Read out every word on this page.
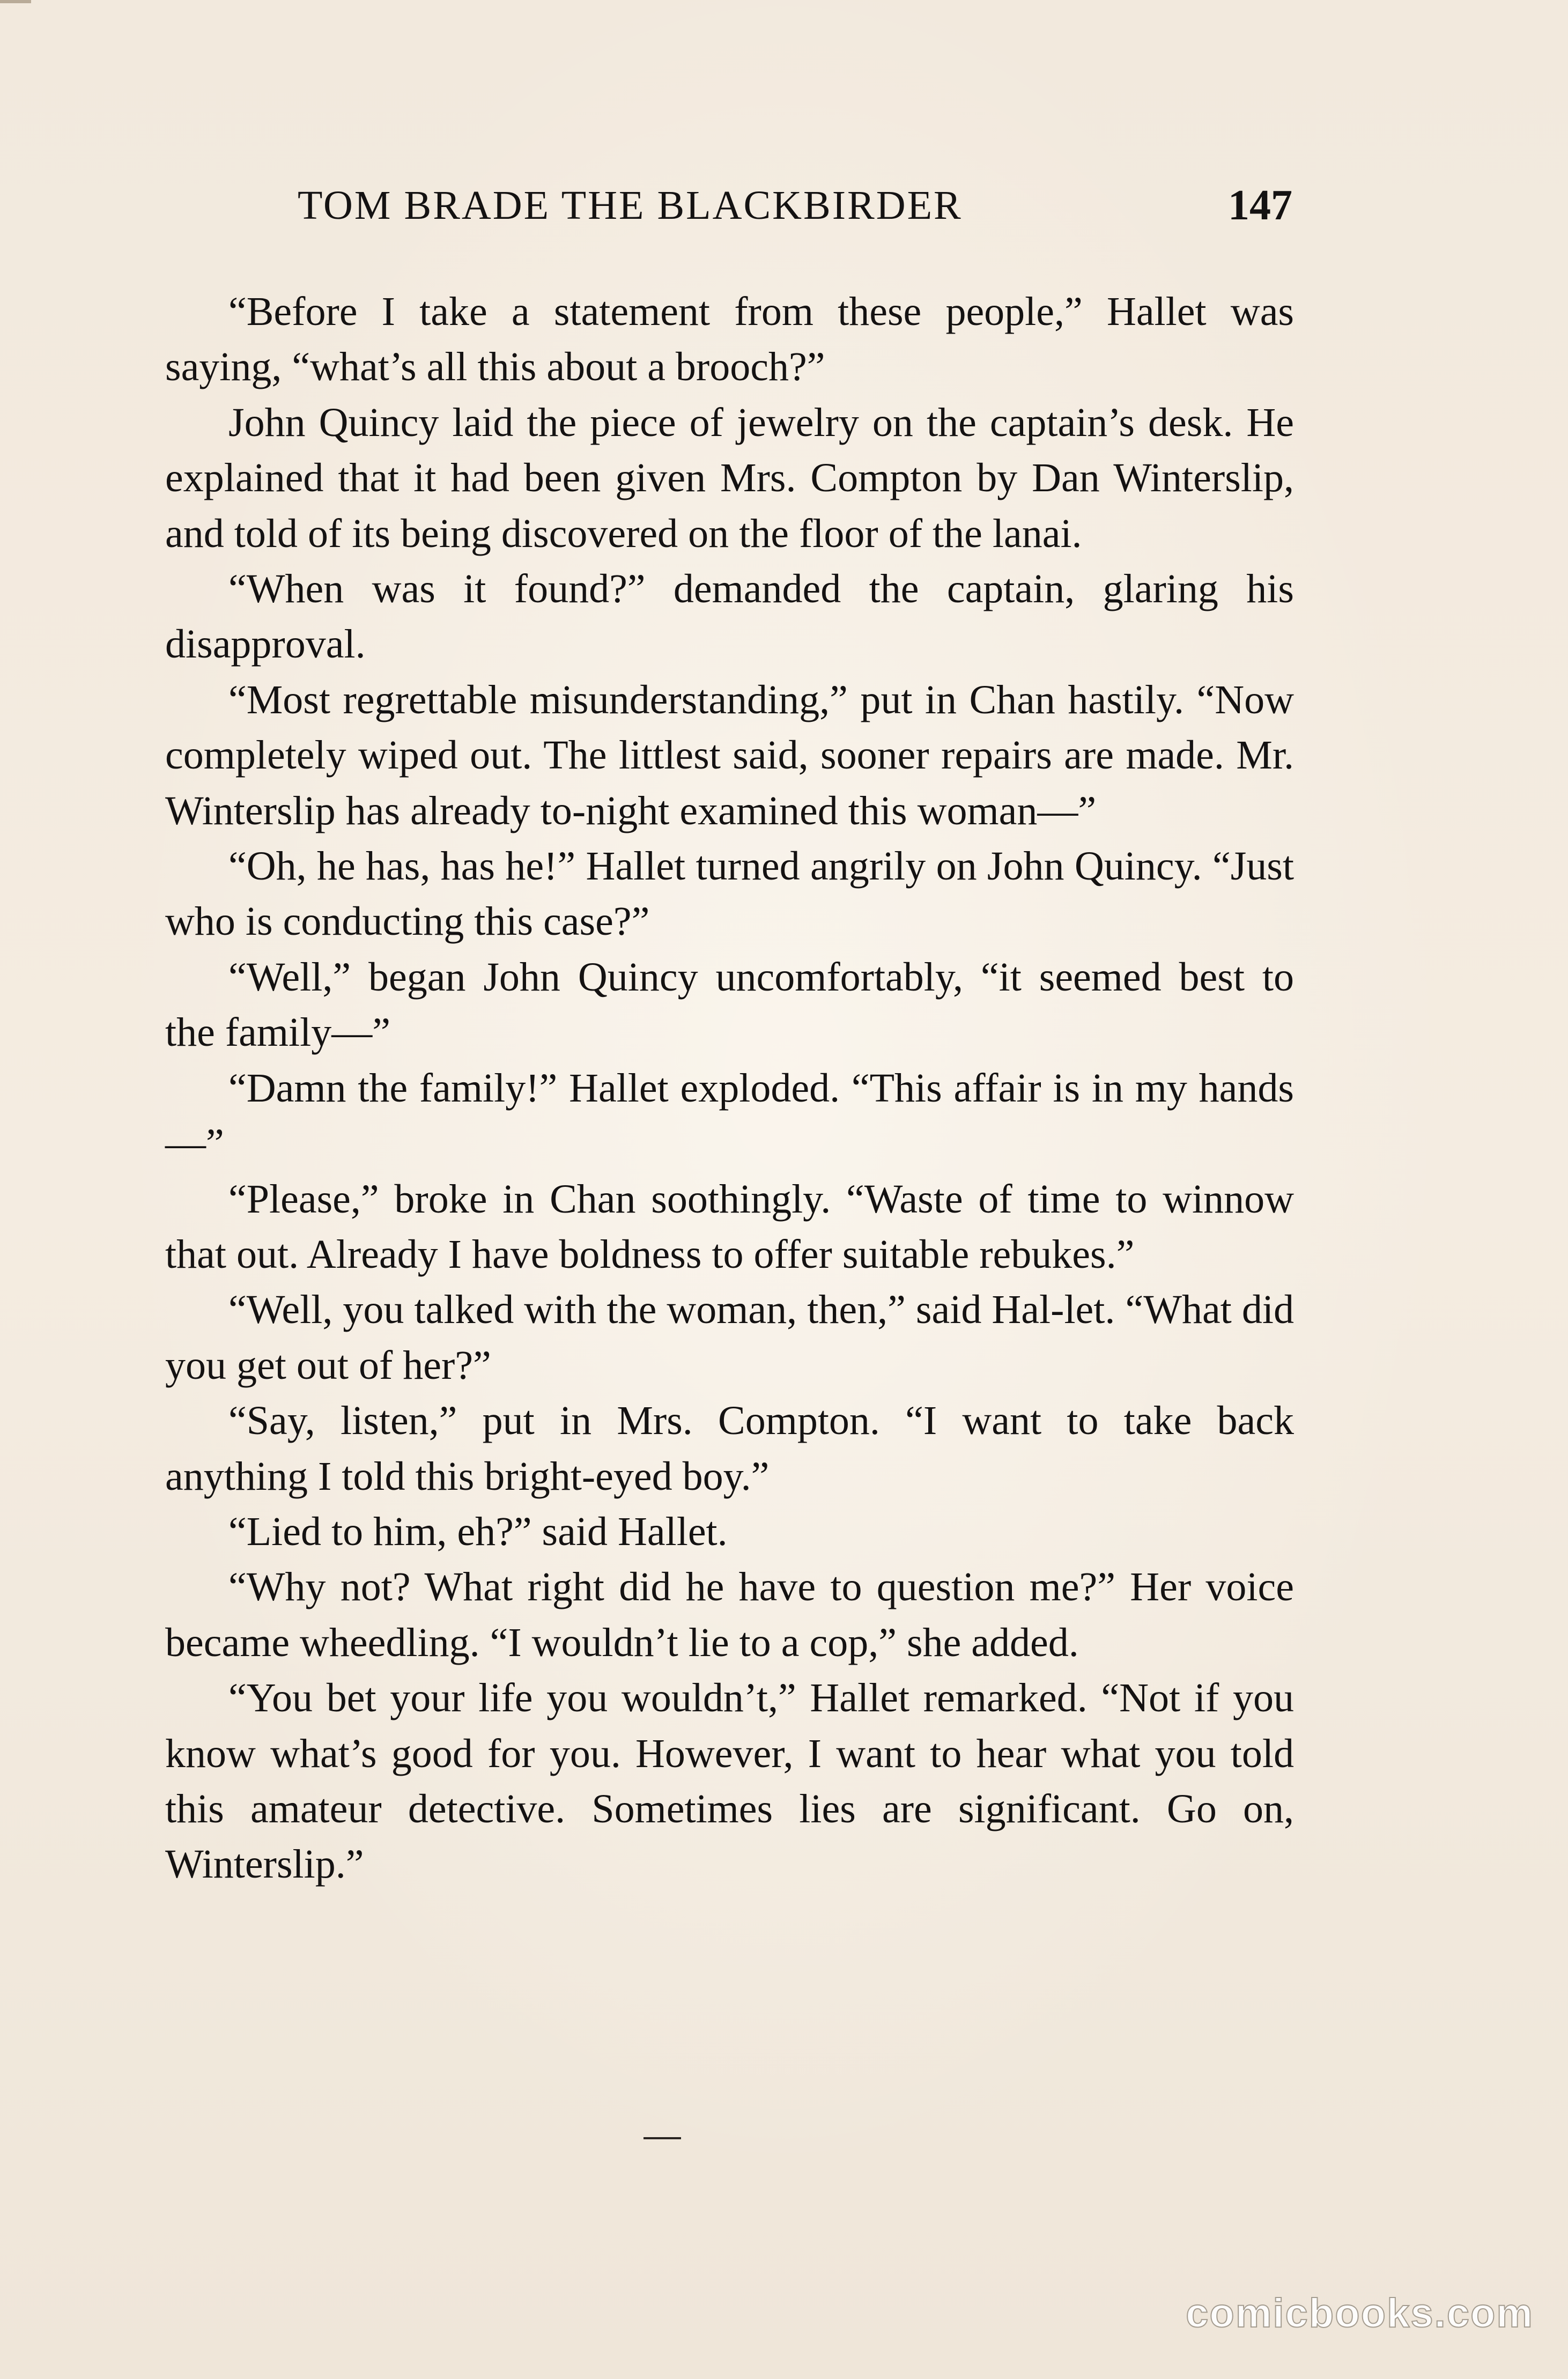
TOM BRADE THE BLACKBIRDER	147

“Before I take a statement from these people,” Hallet was saying, “what’s all this about a brooch?”

John Quincy laid the piece of jewelry on the captain’s desk. He explained that it had been given Mrs. Compton by Dan Winterslip, and told of its being discovered on the floor of the lanai.

“When was it found?” demanded the captain, glaring his disapproval.

“Most regrettable misunderstanding,” put in Chan hastily. “Now completely wiped out. The littlest said, sooner repairs are made. Mr. Winterslip has already to-night examined this woman—”

“Oh, he has, has he!” Hallet turned angrily on John Quincy. “Just who is conducting this case?”

“Well,” began John Quincy uncomfortably, “it seemed best to the family—”

“Damn the family!” Hallet exploded. “This affair is in my hands—”

“Please,” broke in Chan soothingly. “Waste of time to winnow that out. Already I have boldness to offer suitable rebukes.”

“Well, you talked with the woman, then,” said Hal-let. “What did you get out of her?”

“Say, listen,” put in Mrs. Compton. “I want to take back anything I told this bright-eyed boy.”

“Lied to him, eh?” said Hallet.

“Why not? What right did he have to question me?” Her voice became wheedling. “I wouldn’t lie to a cop,” she added.

“You bet your life you wouldn’t,” Hallet remarked. “Not if you know what’s good for you. However, I want to hear what you told this amateur detective. Sometimes lies are significant. Go on, Winterslip.”

comicbooks.com
